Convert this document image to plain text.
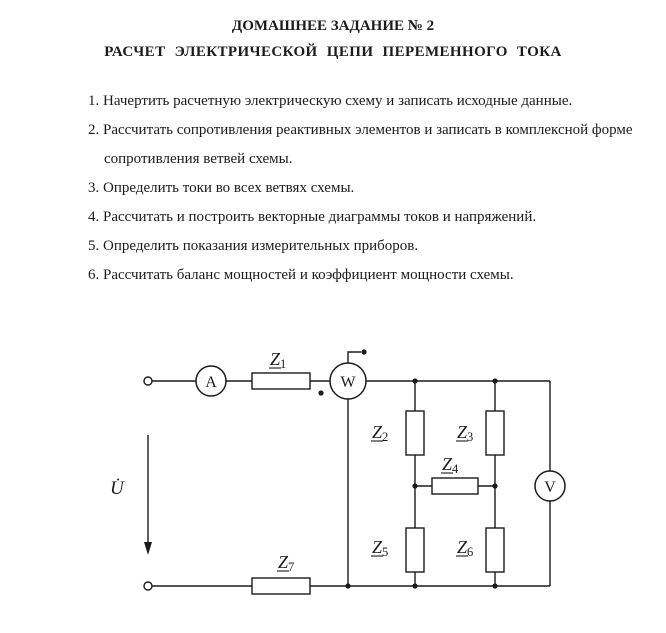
ДОМАШНЕЕ ЗАДАНИЕ № 2
РАСЧЕТ ЭЛЕКТРИЧЕСКОЙ ЦЕПИ ПЕРЕМЕННОГО ТОКА
1. Начертить расчетную электрическую схему и записать исходные данные.
2. Рассчитать сопротивления реактивных элементов и записать в комплексной форме сопротивления ветвей схемы.
3. Определить токи во всех ветвях схемы.
4. Рассчитать и построить векторные диаграммы токов и напряжений.
5. Определить показания измерительных приборов.
6. Рассчитать баланс мощностей и коэффициент мощности схемы.
U̇
A	W
V
Z1
Z2	Z3
Z4
Z5	Z6
Z7
